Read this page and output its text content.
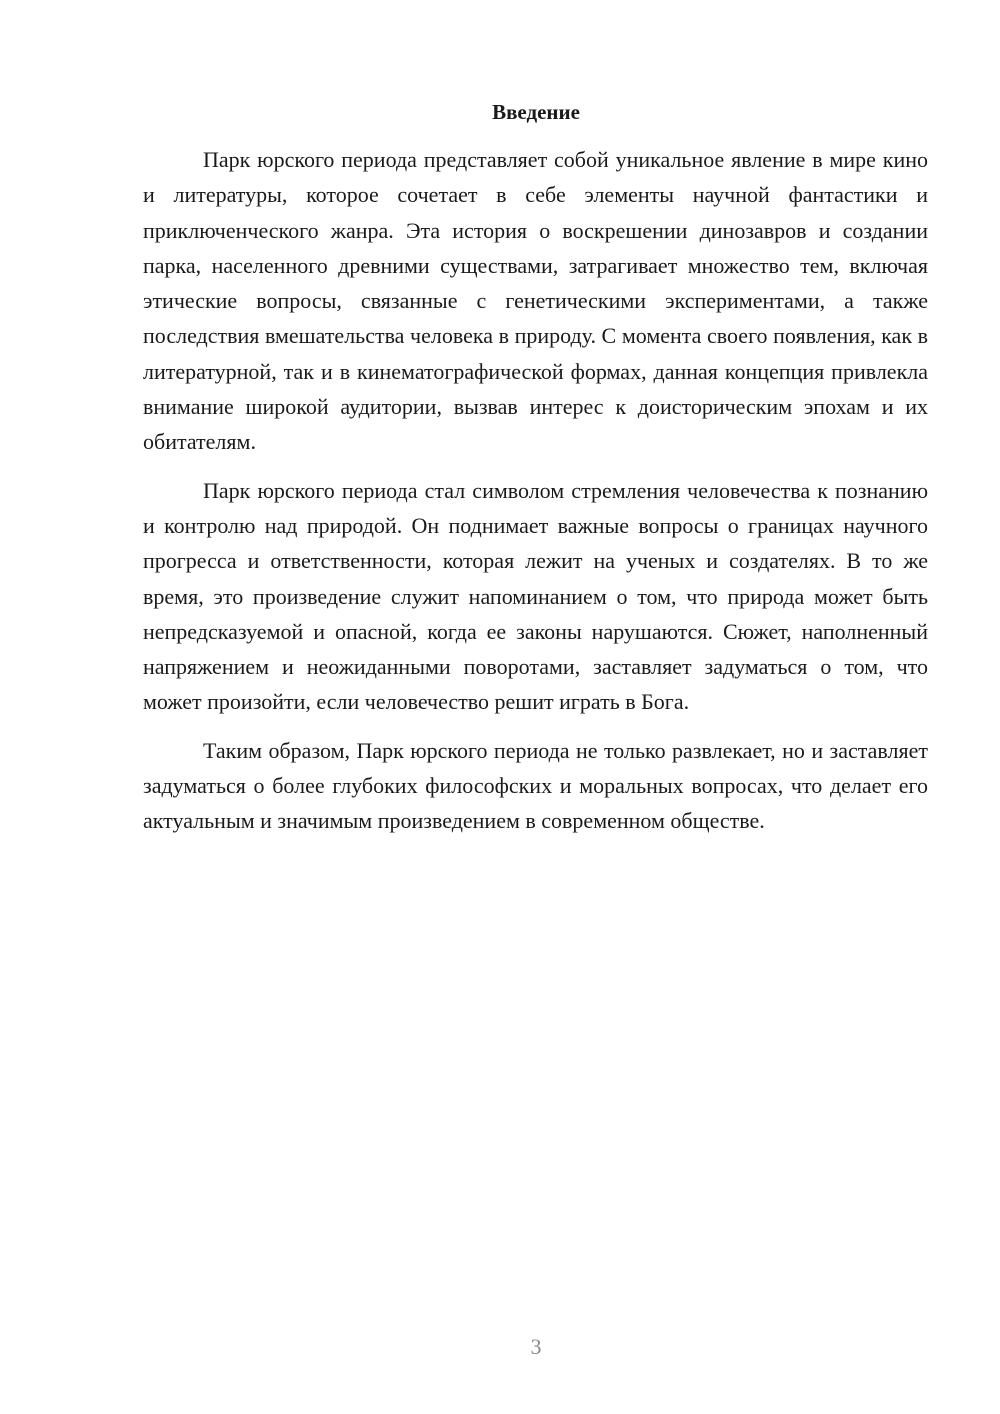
Введение

Парк юрского периода представляет собой уникальное явление в мире кино и литературы, которое сочетает в себе элементы научной фантастики и приключенческого жанра. Эта история о воскрешении динозавров и создании парка, населенного древними существами, затрагивает множество тем, включая этические вопросы, связанные с генетическими экспериментами, а также последствия вмешательства человека в природу. С момента своего появления, как в литературной, так и в кинематографической формах, данная концепция привлекла внимание широкой аудитории, вызвав интерес к доисторическим эпохам и их обитателям.

Парк юрского периода стал символом стремления человечества к познанию и контролю над природой. Он поднимает важные вопросы о границах научного прогресса и ответственности, которая лежит на ученых и создателях. В то же время, это произведение служит напоминанием о том, что природа может быть непредсказуемой и опасной, когда ее законы нарушаются. Сюжет, наполненный напряжением и неожиданными поворотами, заставляет задуматься о том, что может произойти, если человечество решит играть в Бога.

Таким образом, Парк юрского периода не только развлекает, но и заставляет задуматься о более глубоких философских и моральных вопросах, что делает его актуальным и значимым произведением в современном обществе.

3
